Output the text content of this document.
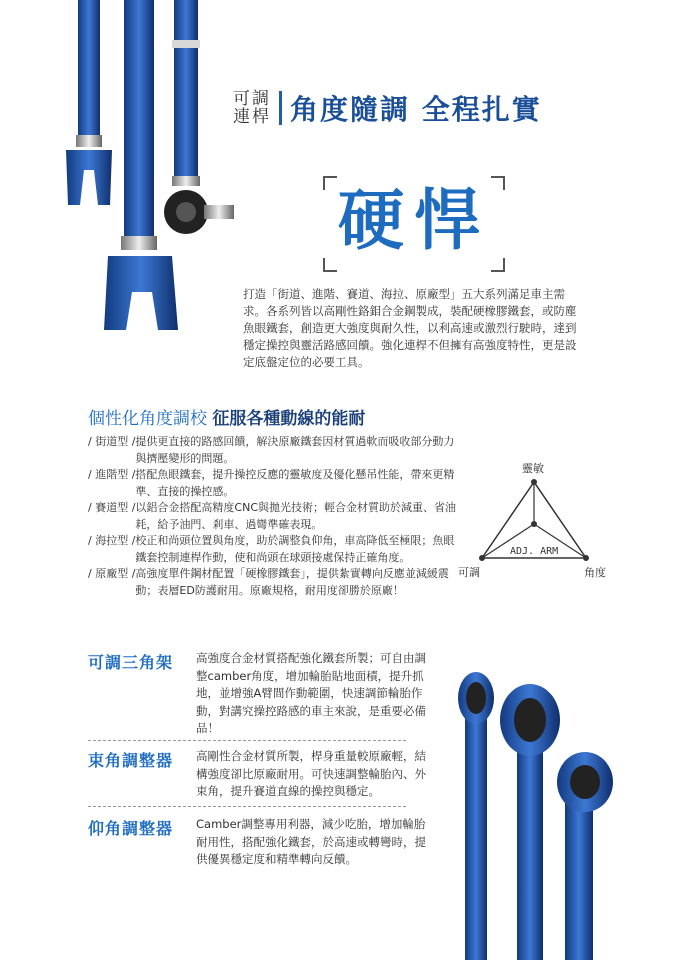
可調
連桿 角度隨調 全程扎實
硬悍
打造「街道、進階、賽道、海拉、原廠型」五大系列滿足車主需求。各系列皆以高剛性鉻鉬合金鋼製成，裝配硬橡膠鐵套，或防塵魚眼鐵套，創造更大強度與耐久性，以利高速或激烈行駛時，達到穩定操控與靈活路感回饋。強化連桿不但擁有高強度特性，更是設定底盤定位的必要工具。
個性化角度調校 征服各種動線的能耐
/ 街道型 / 提供更直接的路感回饋，解決原廠鐵套因材質過軟而吸收部分動力與擠壓變形的問題。
/ 進階型 / 搭配魚眼鐵套，提升操控反應的靈敏度及優化懸吊性能，帶來更精準、直接的操控感。
/ 賽道型 / 以鋁合金搭配高精度CNC與拋光技術；輕合金材質助於減重、省油耗，給予油門、剎車、過彎準確表現。
/ 海拉型 / 校正和尚頭位置與角度，助於調整負仰角，車高降低至極限；魚眼鐵套控制連桿作動，使和尚頭在球頭接處保持正確角度。
/ 原廠型 / 高強度單件鋼材配置「硬橡膠鐵套」，提供紮實轉向反應並減緩震動；表層ED防護耐用。原廠規格，耐用度卻勝於原廠！
靈敏
可調	角度
ADJ. ARM
可調三角架	高強度合金材質搭配強化鐵套所製；可自由調整camber角度，增加輪胎貼地面積，提升抓地，並增強A臂間作動範圍，快速調節輪胎作動，對講究操控路感的車主來說，是重要必備品！
束角調整器	高剛性合金材質所製，桿身重量較原廠輕，結構強度卻比原廠耐用。可快速調整輪胎內、外束角，提升賽道直線的操控與穩定。
仰角調整器	Camber調整專用利器，減少吃胎，增加輪胎耐用性，搭配強化鐵套，於高速或轉彎時，提供優異穩定度和精準轉向反饋。
